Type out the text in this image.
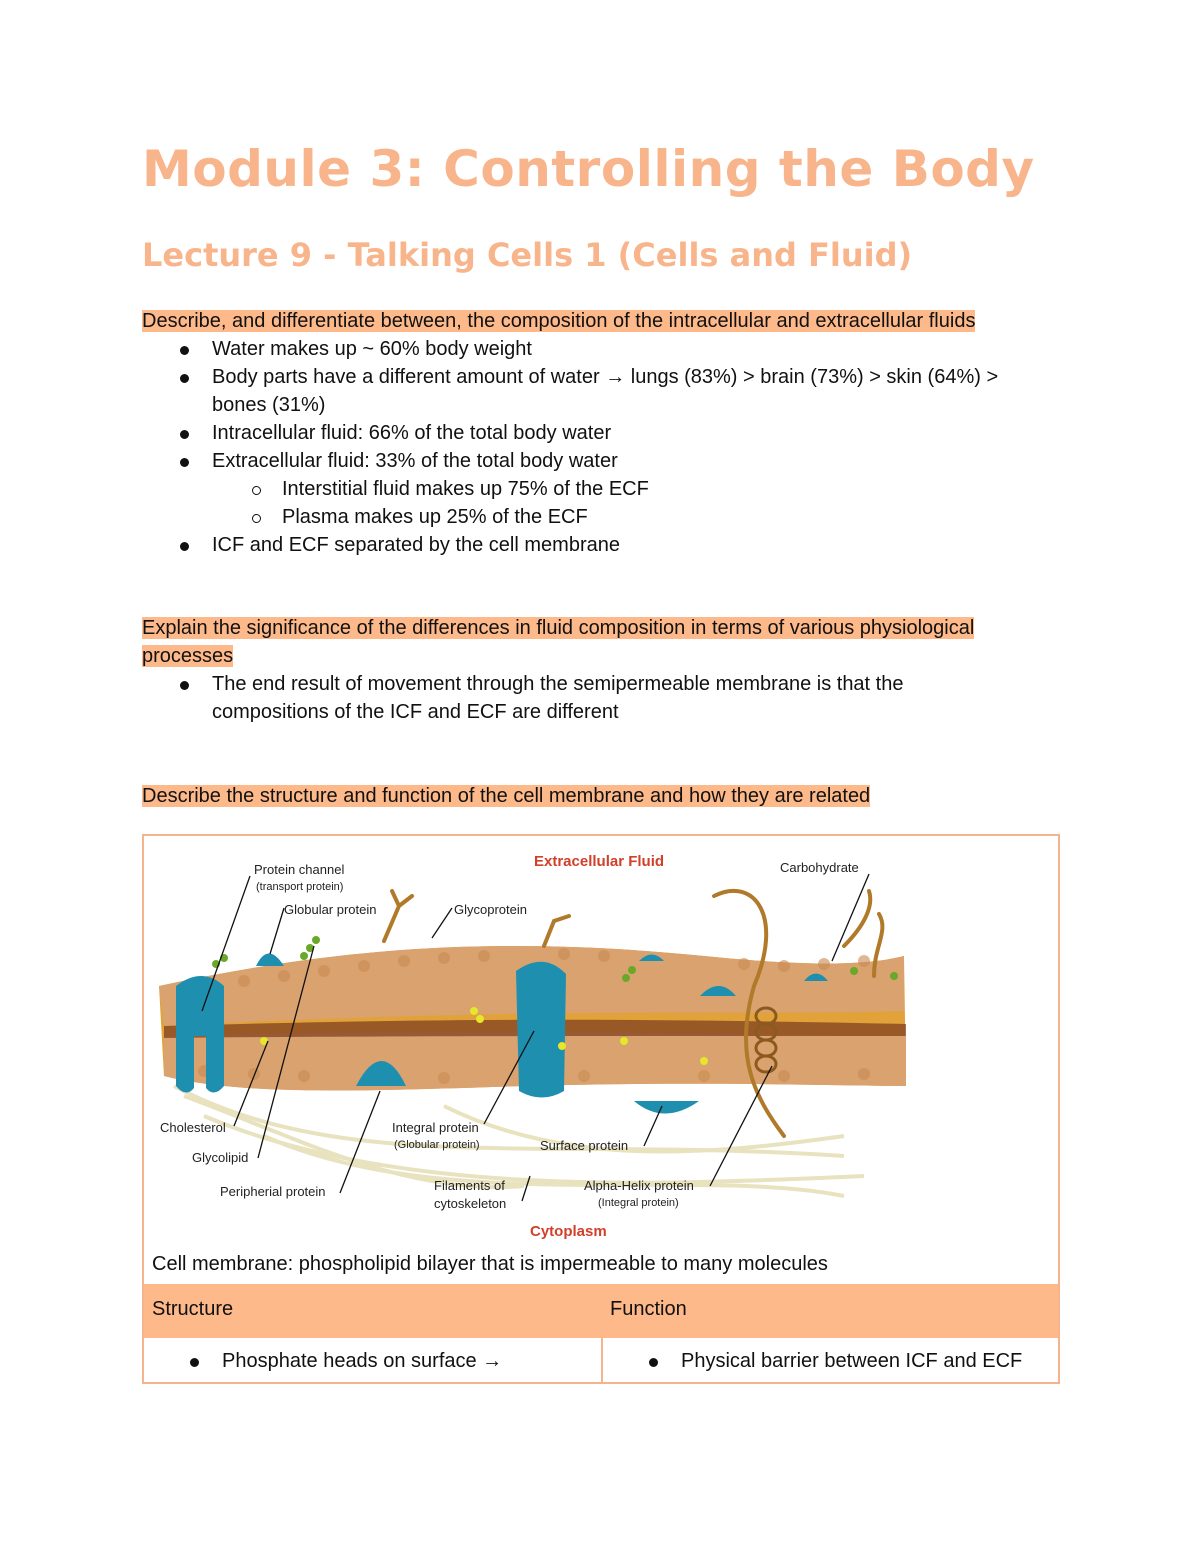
Module 3: Controlling the Body
Lecture 9 - Talking Cells 1 (Cells and Fluid)

Describe, and differentiate between, the composition of the intracellular and extracellular fluids

Water makes up ~ 60% body weight
Body parts have a different amount of water → lungs (83%) > brain (73%) > skin (64%) > bones (31%)
Intracellular fluid: 66% of the total body water
Extracellular fluid: 33% of the total body water
Interstitial fluid makes up 75% of the ECF
Plasma makes up 25% of the ECF
ICF and ECF separated by the cell membrane

Explain the significance of the differences in fluid composition in terms of various physiological processes

The end result of movement through the semipermeable membrane is that the compositions of the ICF and ECF are different

Describe the structure and function of the cell membrane and how they are related

Protein channel
(transport protein)
Globular protein	Glycoprotein
Extracellular Fluid	Carbohydrate
Cholesterol
Glycolipid
Peripherial protein
Integral protein
(Globular protein)	Surface protein
Filaments of
cytoskeleton
Alpha-Helix protein
(Integral protein)
Cytoplasm
Cell membrane: phospholipid bilayer that is impermeable to many molecules
Structure	Function
Phosphate heads on surface →	Physical barrier between ICF and ECF
